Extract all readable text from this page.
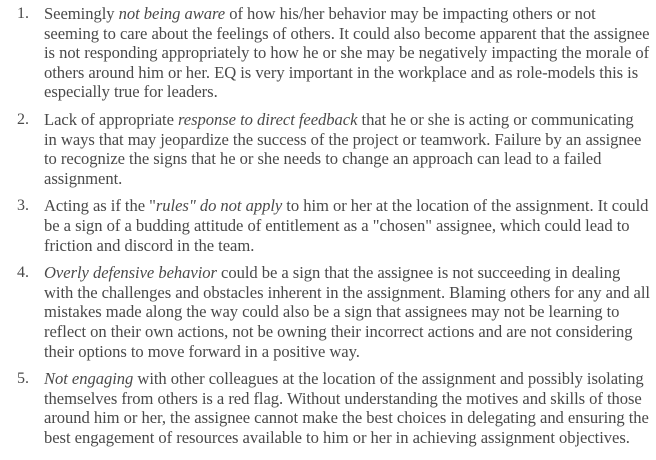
1. Seemingly not being aware of how his/her behavior may be impacting others or not seeming to care about the feelings of others. It could also become apparent that the assignee is not responding appropriately to how he or she may be negatively impacting the morale of others around him or her. EQ is very important in the workplace and as role-models this is especially true for leaders.
2. Lack of appropriate response to direct feedback that he or she is acting or communicating in ways that may jeopardize the success of the project or teamwork. Failure by an assignee to recognize the signs that he or she needs to change an approach can lead to a failed assignment.
3. Acting as if the "rules" do not apply to him or her at the location of the assignment. It could be a sign of a budding attitude of entitlement as a "chosen" assignee, which could lead to friction and discord in the team.
4. Overly defensive behavior could be a sign that the assignee is not succeeding in dealing with the challenges and obstacles inherent in the assignment. Blaming others for any and all mistakes made along the way could also be a sign that assignees may not be learning to reflect on their own actions, not be owning their incorrect actions and are not considering their options to move forward in a positive way.
5. Not engaging with other colleagues at the location of the assignment and possibly isolating themselves from others is a red flag. Without understanding the motives and skills of those around him or her, the assignee cannot make the best choices in delegating and ensuring the best engagement of resources available to him or her in achieving assignment objectives.
